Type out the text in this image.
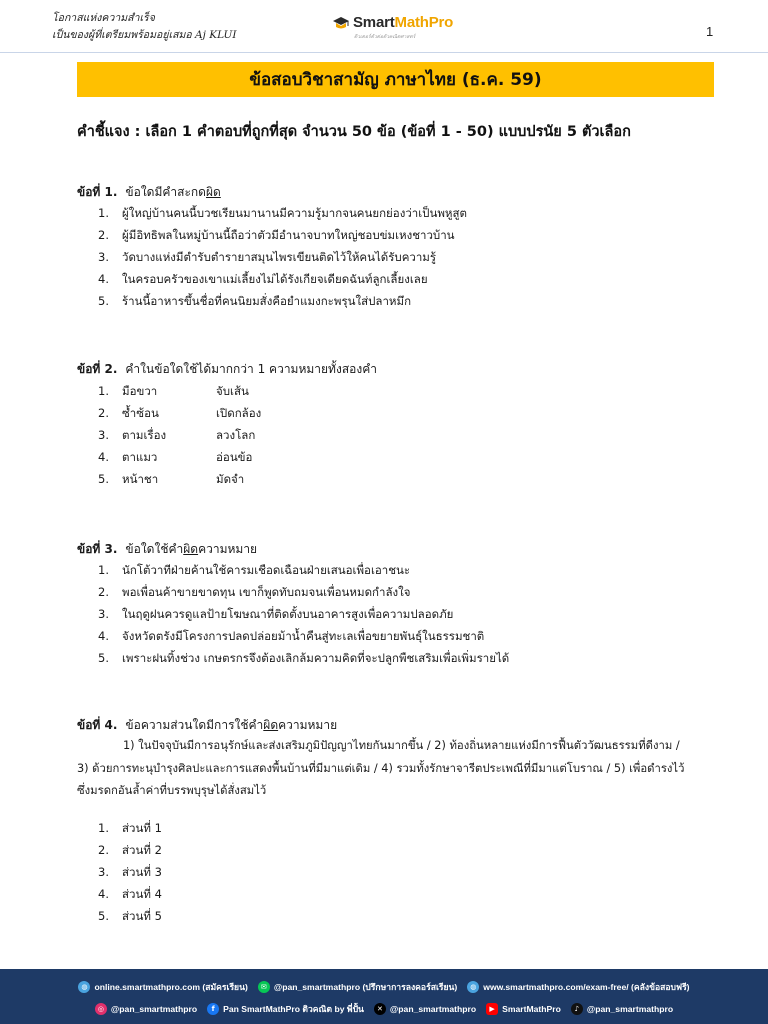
โอกาสแห่งความสำเร็จ
เป็นของผู้ที่เตรียมพร้อมอยู่เสมอ Aj KLUI
SmartMathPro
ติวเตอร์ตัวต่อตัวคณิตศาสตร์	1
ข้อสอบวิชาสามัญ ภาษาไทย (ธ.ค. 59)
คำชี้แจง : เลือก 1 คำตอบที่ถูกที่สุด จำนวน 50 ข้อ (ข้อที่ 1 - 50) แบบปรนัย 5 ตัวเลือก
ข้อที่ 1. ข้อใดมีคำสะกดผิด
1. ผู้ใหญ่บ้านคนนี้บวชเรียนมานานมีความรู้มากจนคนยกย่องว่าเป็นพหูสูต
2. ผู้มีอิทธิพลในหมู่บ้านนี้ถือว่าตัวมีอำนาจบาทใหญ่ชอบข่มเหงชาวบ้าน
3. วัดบางแห่งมีตำรับตำรายาสมุนไพรเขียนติดไว้ให้คนได้รับความรู้
4. ในครอบครัวของเขาแม่เลี้ยงไม่ได้รังเกียจเดียดฉันท์ลูกเลี้ยงเลย
5. ร้านนี้อาหารขึ้นชื่อที่คนนิยมสั่งคือยำแมงกะพรุนใส่ปลาหมึก
ข้อที่ 2. คำในข้อใดใช้ได้มากกว่า 1 ความหมายทั้งสองคำ
1. มือขวา	จับเส้น
2. ซ้ำซ้อน	เปิดกล้อง
3. ตามเรื่อง	ลวงโลก
4. ตาแมว	อ่อนข้อ
5. หน้าชา	มัดจำ
ข้อที่ 3. ข้อใดใช้คำผิดความหมาย
1. นักโต้วาทีฝ่ายค้านใช้คารมเชือดเฉือนฝ่ายเสนอเพื่อเอาชนะ
2. พอเพื่อนค้าขายขาดทุน เขาก็พูดทับถมจนเพื่อนหมดกำลังใจ
3. ในฤดูฝนควรดูแลป้ายโฆษณาที่ติดตั้งบนอาคารสูงเพื่อความปลอดภัย
4. จังหวัดตรังมีโครงการปลดปล่อยม้าน้ำคืนสู่ทะเลเพื่อขยายพันธุ์ในธรรมชาติ
5. เพราะฝนทิ้งช่วง เกษตรกรจึงต้องเลิกล้มความคิดที่จะปลูกพืชเสริมเพื่อเพิ่มรายได้
ข้อที่ 4. ข้อความส่วนใดมีการใช้คำผิดความหมาย
1) ในปัจจุบันมีการอนุรักษ์และส่งเสริมภูมิปัญญาไทยกันมากขึ้น / 2) ท้องถิ่นหลายแห่งมีการฟื้นตัววัฒนธรรมที่ดีงาม /
3) ด้วยการทะนุบำรุงศิลปะและการแสดงพื้นบ้านที่มีมาแต่เดิม / 4) รวมทั้งรักษาจารีตประเพณีที่มีมาแต่โบราณ / 5) เพื่อดำรงไว้
ซึ่งมรดกอันล้ำค่าที่บรรพบุรุษได้สั่งสมไว้
1. ส่วนที่ 1
2. ส่วนที่ 2
3. ส่วนที่ 3
4. ส่วนที่ 4
5. ส่วนที่ 5
◍ online.smartmathpro.com (สมัครเรียน)	✉ @pan_smartmathpro (ปรึกษาการลงคอร์สเรียน)	◍ www.smartmathpro.com/exam-free/ (คลังข้อสอบฟรี)
◎ @pan_smartmathpro	f Pan SmartMathPro ติวคณิต by พี่ปั้น	✕ @pan_smartmathpro	▶ SmartMathPro	♪ @pan_smartmathpro
